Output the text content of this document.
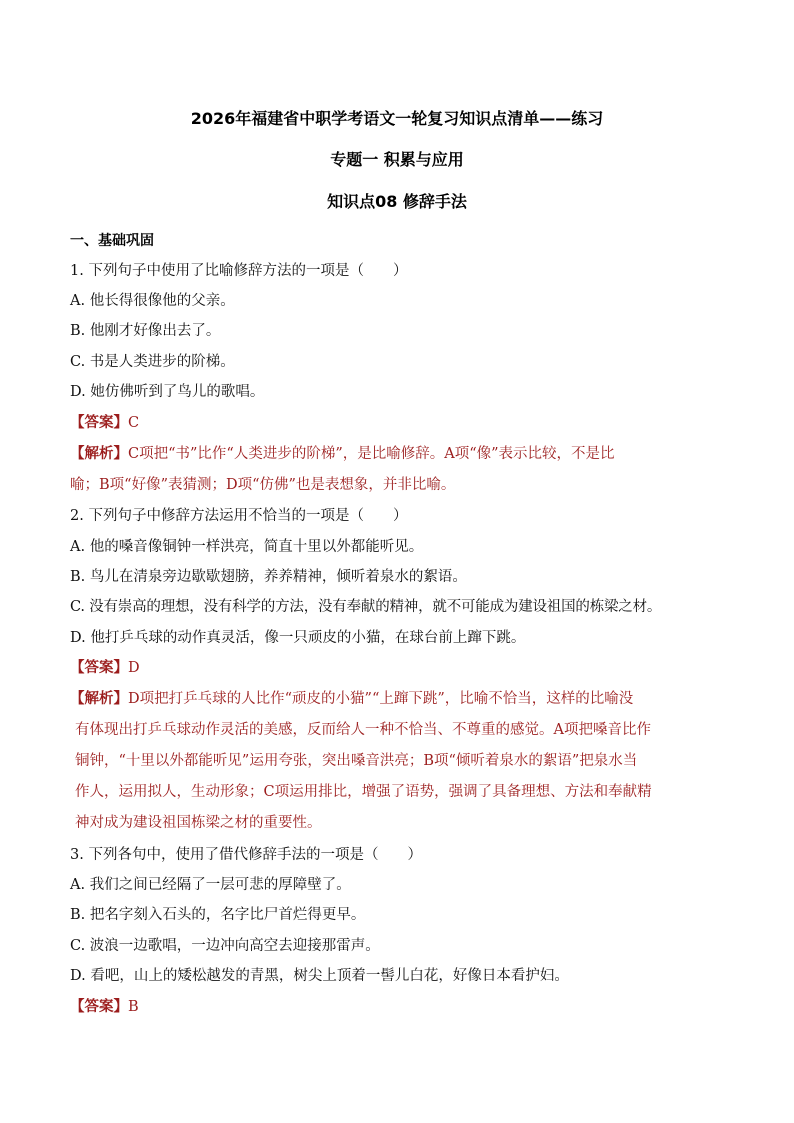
2026年福建省中职学考语文一轮复习知识点清单——练习
专题一 积累与应用
知识点08 修辞手法
一、基础巩固
1. 下列句子中使用了比喻修辞方法的一项是（　　）
A. 他长得很像他的父亲。
B. 他刚才好像出去了。
C. 书是人类进步的阶梯。
D. 她仿佛听到了鸟儿的歌唱。
【答案】C
【解析】C项把“书”比作“人类进步的阶梯”，是比喻修辞。A项“像”表示比较，不是比
喻；B项“好像”表猜测；D项“仿佛”也是表想象，并非比喻。
2. 下列句子中修辞方法运用不恰当的一项是（　　）
A. 他的嗓音像铜钟一样洪亮，简直十里以外都能听见。
B. 鸟儿在清泉旁边歇歇翅膀，养养精神，倾听着泉水的絮语。
C. 没有崇高的理想，没有科学的方法，没有奉献的精神，就不可能成为建设祖国的栋梁之材。
D. 他打乒乓球的动作真灵活，像一只顽皮的小猫，在球台前上蹿下跳。
【答案】D
【解析】D项把打乒乓球的人比作“顽皮的小猫”“上蹿下跳”，比喻不恰当，这样的比喻没
有体现出打乒乓球动作灵活的美感，反而给人一种不恰当、不尊重的感觉。A项把嗓音比作
铜钟，“十里以外都能听见”运用夸张，突出嗓音洪亮；B项“倾听着泉水的絮语”把泉水当
作人，运用拟人，生动形象；C项运用排比，增强了语势，强调了具备理想、方法和奉献精
神对成为建设祖国栋梁之材的重要性。
3. 下列各句中，使用了借代修辞手法的一项是（　　）
A. 我们之间已经隔了一层可悲的厚障壁了。
B. 把名字刻入石头的，名字比尸首烂得更早。
C. 波浪一边歌唱，一边冲向高空去迎接那雷声。
D. 看吧，山上的矮松越发的青黑，树尖上顶着一髻儿白花，好像日本看护妇。
【答案】B
